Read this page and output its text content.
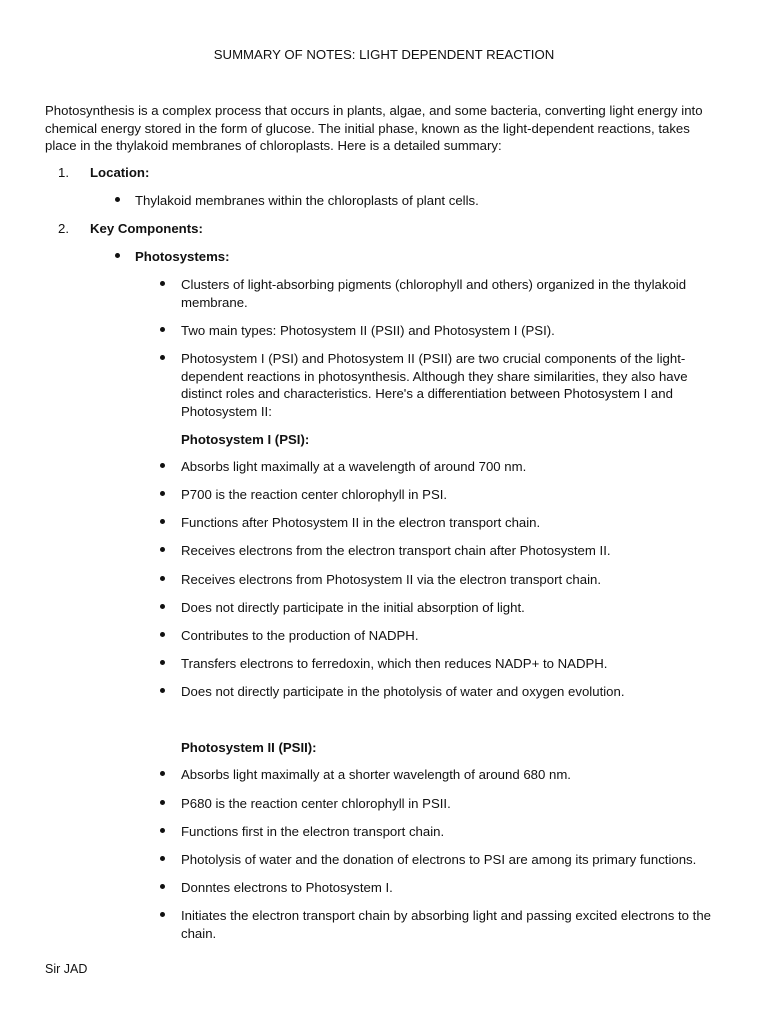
SUMMARY OF NOTES: LIGHT DEPENDENT REACTION

Photosynthesis is a complex process that occurs in plants, algae, and some bacteria, converting light energy into chemical energy stored in the form of glucose. The initial phase, known as the light-dependent reactions, takes place in the thylakoid membranes of chloroplasts. Here is a detailed summary:

1. Location:

Thylakoid membranes within the chloroplasts of plant cells.

2. Key Components:

Photosystems:

Clusters of light-absorbing pigments (chlorophyll and others) organized in the thylakoid membrane.

Two main types: Photosystem II (PSII) and Photosystem I (PSI).

Photosystem I (PSI) and Photosystem II (PSII) are two crucial components of the light-dependent reactions in photosynthesis. Although they share similarities, they also have distinct roles and characteristics. Here's a differentiation between Photosystem I and Photosystem II:

Photosystem I (PSI):

Absorbs light maximally at a wavelength of around 700 nm.

P700 is the reaction center chlorophyll in PSI.

Functions after Photosystem II in the electron transport chain.

Receives electrons from the electron transport chain after Photosystem II.

Receives electrons from Photosystem II via the electron transport chain.

Does not directly participate in the initial absorption of light.

Contributes to the production of NADPH.

Transfers electrons to ferredoxin, which then reduces NADP+ to NADPH.

Does not directly participate in the photolysis of water and oxygen evolution.

Photosystem II (PSII):

Absorbs light maximally at a shorter wavelength of around 680 nm.

P680 is the reaction center chlorophyll in PSII.

Functions first in the electron transport chain.

Photolysis of water and the donation of electrons to PSI are among its primary functions.

Donntes electrons to Photosystem I.

Initiates the electron transport chain by absorbing light and passing excited electrons to the chain.

Sir JAD
